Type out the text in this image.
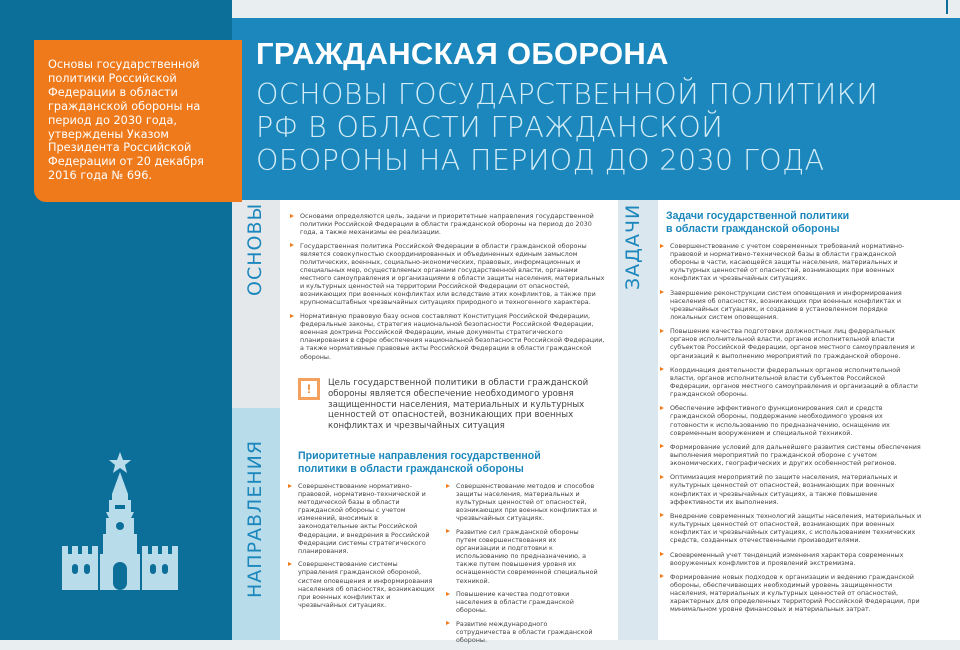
Основы государственной политики Российской Федерации в области гражданской обороны на период до 2030 года, утверждены Указом Президента Российской Федерации от 20 декабря 2016 года № 696.

ГРАЖДАНСКАЯ ОБОРОНА
ОСНОВЫ ГОСУДАРСТВЕННОЙ ПОЛИТИКИ
РФ В ОБЛАСТИ ГРАЖДАНСКОЙ
ОБОРОНЫ НА ПЕРИОД ДО 2030 ГОДА
ОСНОВЫ
НАПРАВЛЕНИЯ
ЗАДАЧИ

Основами определяются цель, задачи и приоритетные направления государственной политики Российской Федерации в области гражданской обороны на период до 2030 года, а также механизмы ее реализации.

Государственная политика Российской Федерации в области гражданской обороны является совокупностью скоординированных и объединенных единым замыслом политических, военных, социально-экономических, правовых, информационных и специальных мер, осуществляемых органами государственной власти, органами местного самоуправления и организациями в области защиты населения, материальных и культурных ценностей на территории Российской Федерации от опасностей, возникающих при военных конфликтах или вследствие этих конфликтов, а также при крупномасштабных чрезвычайных ситуациях природного и техногенного характера.

Нормативную правовую базу основ составляют Конституция Российской Федерации, федеральные законы, стратегия национальной безопасности Российской Федерации, военная доктрина Российской Федерации, иные документы стратегического планирования в сфере обеспечения национальной безопасности Российской Федерации, а также нормативные правовые акты Российской Федерации в области гражданской обороны.

!	Цель государственной политики в области гражданской обороны является обеспечение необходимого уровня защищенности населения, материальных и культурных ценностей от опасностей, возникающих при военных конфликтах и чрезвычайных ситуация

Приоритетные направления государственной
политики в области гражданской обороны

Совершенствование нормативно-правовой, нормативно-технической и методической базы в области гражданской обороны с учетом изменений, вносимых в законодательные акты Российской Федерации, и внедрения в Российской Федерации системы стратегического планирования.

Совершенствование системы управления гражданской обороной, систем оповещения и информирования населения об опасностях, возникающих при военных конфликтах и чрезвычайных ситуациях.

Совершенствование методов и способов защиты населения, материальных и культурных ценностей от опасностей, возникающих при военных конфликтах и чрезвычайных ситуациях.

Развитие сил гражданской обороны путем совершенствования их организации и подготовки к использованию по предназначению, а также путем повышения уровня их оснащенности современной специальной техникой.

Повышение качества подготовки населения в области гражданской обороны.

Развитие международного сотрудничества в области гражданской обороны.

Задачи государственной политики
в области гражданской обороны

Совершенствование с учетом современных требований нормативно-правовой и нормативно-технической базы в области гражданской обороны в части, касающейся защиты населения, материальных и культурных ценностей от опасностей, возникающих при военных конфликтах и чрезвычайных ситуациях.

Завершение реконструкции систем оповещения и информирования населения об опасностях, возникающих при военных конфликтах и чрезвычайных ситуациях, и создание в установленном порядке локальных систем оповещения.

Повышение качества подготовки должностных лиц федеральных органов исполнительной власти, органов исполнительной власти субъектов Российской Федерации, органов местного самоуправления и организаций к выполнению мероприятий по гражданской обороне.

Координация деятельности федеральных органов исполнительной власти, органов исполнительной власти субъектов Российской Федерации, органов местного самоуправления и организаций в области гражданской обороны.

Обеспечение эффективного функционирования сил и средств гражданской обороны, поддержание необходимого уровня их готовности к использованию по предназначению, оснащение их современным вооружением и специальной техникой.

Формирование условий для дальнейшего развития системы обеспечения выполнения мероприятий по гражданской обороне с учетом экономических, географических и других особенностей регионов.

Оптимизация мероприятий по защите населения, материальных и культурных ценностей от опасностей, возникающих при военных конфликтах и чрезвычайных ситуациях, а также повышение эффективности их выполнения.

Внедрение современных технологий защиты населения, материальных и культурных ценностей от опасностей, возникающих при военных конфликтах и чрезвычайных ситуациях, с использованием технических средств, созданных отечественными производителями.

Своевременный учет тенденций изменения характера современных вооруженных конфликтов и проявлений экстремизма.

Формирование новых подходов к организации и ведению гражданской обороны, обеспечивающих необходимый уровень защищенности населения, материальных и культурных ценностей от опасностей, характерных для определенных территорий Российской Федерации, при минимальном уровне финансовых и материальных затрат.
